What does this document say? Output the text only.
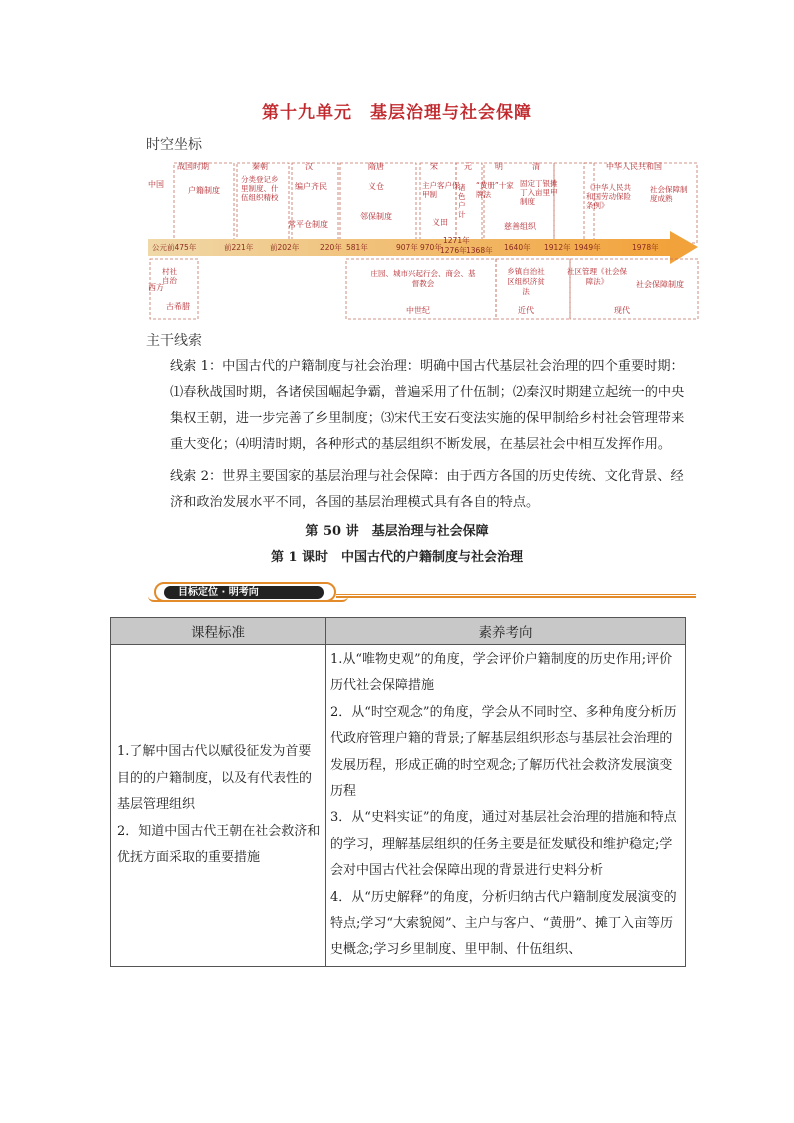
第十九单元　基层治理与社会保障
时空坐标
中国
西方
战国时期	秦朝	汉	隋唐	宋	元	明	清	中华人民共和国
户籍制度
分类登记乡里制度、什伍组织精校
编户齐民
常平仓制度
义仓
邻保制度
主户客户保甲制
义田
诸色户计
“黄册”十家牌法
固定丁银摊丁入亩里甲制度
慈善组织
《中华人民共和国劳动保险条例》
社会保障制度成熟
公元前475年	前221年 前202年	220年 581年	907年 970年
1271年
1276年 1368年 1640年 1912年 1949年	1978年
村社自治
古希腊
庄园、城市兴起行会、商会、基督教会
乡镇自治社区组织济贫法
社区管理《社会保障法》	社会保障制度
中世纪	近代	现代
主干线索

线索 1：中国古代的户籍制度与社会治理：明确中国古代基层社会治理的四个重要时期：⑴春秋战国时期，各诸侯国崛起争霸，普遍采用了什伍制；⑵秦汉时期建立起统一的中央集权王朝，进一步完善了乡里制度；⑶宋代王安石变法实施的保甲制给乡村社会管理带来重大变化；⑷明清时期，各种形式的基层组织不断发展，在基层社会中相互发挥作用。

线索 2：世界主要国家的基层治理与社会保障：由于西方各国的历史传统、文化背景、经济和政治发展水平不同，各国的基层治理模式具有各自的特点。

第 50 讲　基层治理与社会保障
第 1 课时　中国古代的户籍制度与社会治理
目标定位 · 明考向
课程标准	素养考向

1.了解中国古代以赋役征发为首要目的的户籍制度，以及有代表性的基层管理组织
2．知道中国古代王朝在社会救济和优抚方面采取的重要措施	1.从“唯物史观”的角度，学会评价户籍制度的历史作用;评价历代社会保障措施
2．从“时空观念”的角度，学会从不同时空、多种角度分析历代政府管理户籍的背景;了解基层组织形态与基层社会治理的发展历程，形成正确的时空观念;了解历代社会救济发展演变历程
3．从“史料实证”的角度，通过对基层社会治理的措施和特点的学习，理解基层组织的任务主要是征发赋役和维护稳定;学会对中国古代社会保障出现的背景进行史料分析
4．从“历史解释”的角度，分析归纳古代户籍制度发展演变的特点;学习“大索貌阅”、主户与客户、“黄册”、摊丁入亩等历史概念;学习乡里制度、里甲制、什伍组织、
